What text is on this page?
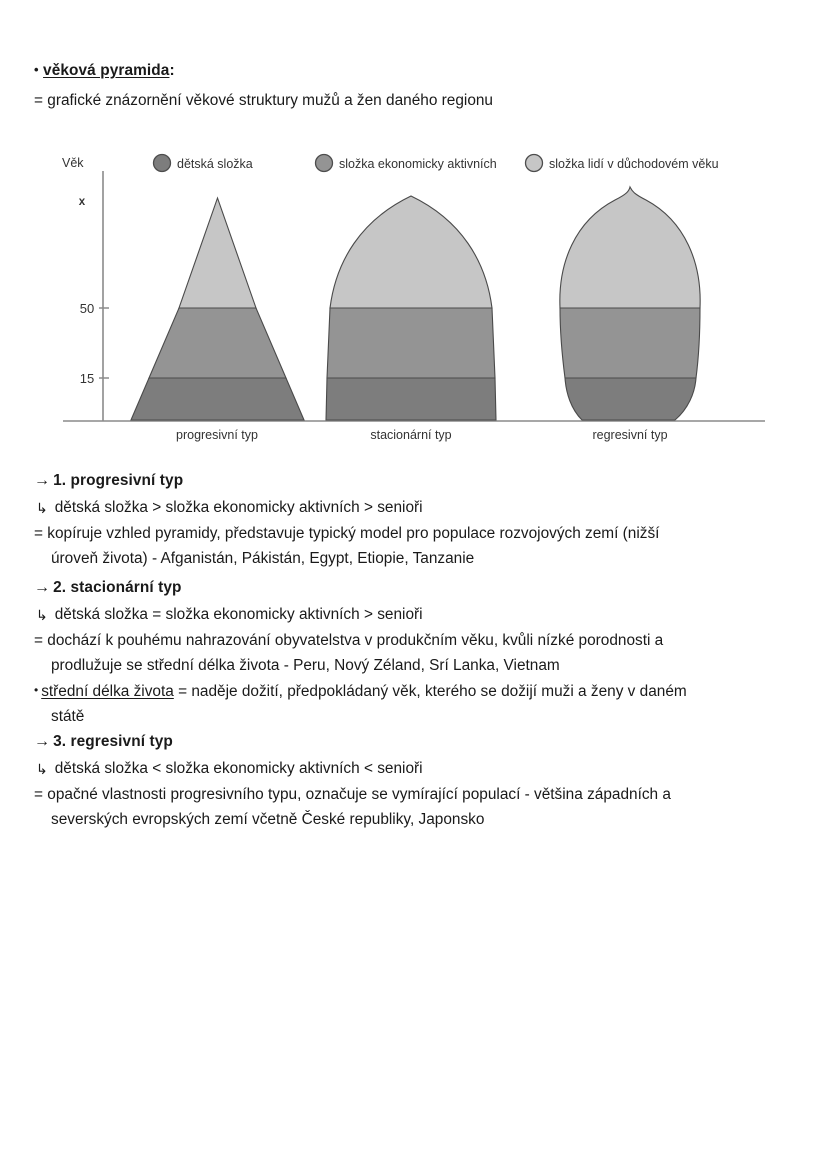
• věková pyramida:
= grafické znázornění věkové struktury mužů a žen daného regionu
dětská složka	složka ekonomicky aktivních	složka lidí v důchodovém věku
Věk
x
50
15
progresivní typ	stacionární typ	regresivní typ
→ 1. progresivní typ
↳ dětská složka > složka ekonomicky aktivních > senioři
= kopíruje vzhled pyramidy, představuje typický model pro populace rozvojových zemí (nižší
úroveň života) - Afganistán, Pákistán, Egypt, Etiopie, Tanzanie
→ 2. stacionární typ
↳ dětská složka = složka ekonomicky aktivních > senioři
= dochází k pouhému nahrazování obyvatelstva v produkčním věku, kvůli nízké porodnosti a
prodlužuje se střední délka života - Peru, Nový Zéland, Srí Lanka, Vietnam
• střední délka života = naděje dožití, předpokládaný věk, kterého se dožijí muži a ženy v daném
státě
→ 3. regresivní typ
↳ dětská složka < složka ekonomicky aktivních < senioři
= opačné vlastnosti progresivního typu, označuje se vymírající populací - většina západních a
severských evropských zemí včetně České republiky, Japonsko
